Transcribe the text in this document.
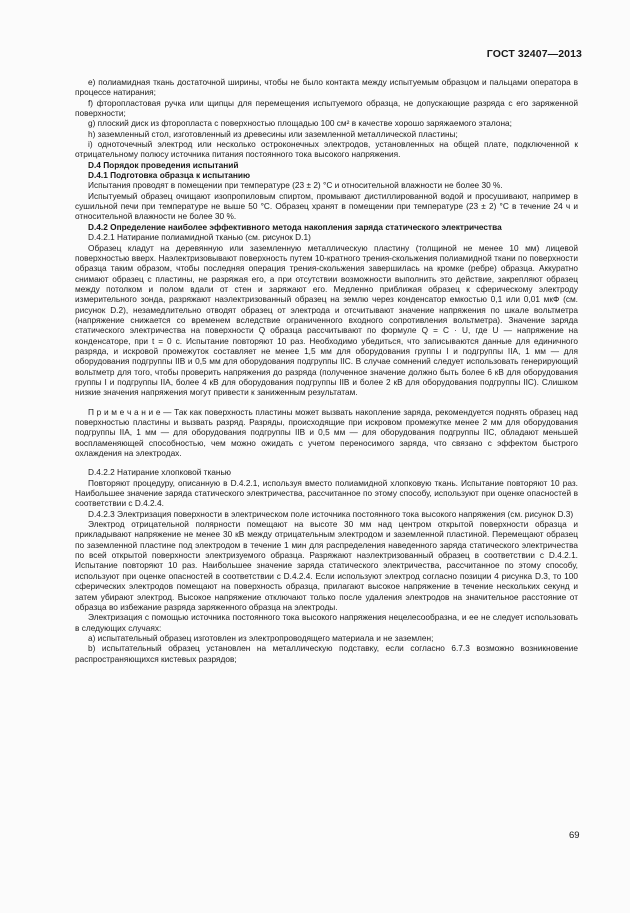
ГОСТ 32407—2013

е) полиамидная ткань достаточной ширины, чтобы не было контакта между испытуемым образцом и пальцами оператора в процессе натирания;

f) фторопластовая ручка или щипцы для перемещения испытуемого образца, не допускающие разряда с его заряженной поверхности;

g) плоский диск из фторопласта с поверхностью площадью 100 см² в качестве хорошо заряжаемого эталона;

h) заземленный стол, изготовленный из древесины или заземленной металлической пластины;

i) одноточечный электрод или несколько остроконечных электродов, установленных на общей плате, подключенной к отрицательному полюсу источника питания постоянного тока высокого напряжения.

D.4 Порядок проведения испытаний

D.4.1 Подготовка образца к испытанию

Испытания проводят в помещении при температуре (23 ± 2) °C и относительной влажности не более 30 %.

Испытуемый образец очищают изопропиловым спиртом, промывают дистиллированной водой и просушивают, например в сушильной печи при температуре не выше 50 °C. Образец хранят в помещении при температуре (23 ± 2) °C в течение 24 ч и относительной влажности не более 30 %.

D.4.2 Определение наиболее эффективного метода накопления заряда статического электричества

D.4.2.1 Натирание полиамидной тканью (см. рисунок D.1)

Образец кладут на деревянную или заземленную металлическую пластину (толщиной не менее 10 мм) лицевой поверхностью вверх. Наэлектризовывают поверхность путем 10-кратного трения-скольжения полиамидной ткани по поверхности образца таким образом, чтобы последняя операция трения-скольжения завершилась на кромке (ребре) образца. Аккуратно снимают образец с пластины, не разряжая его, а при отсутствии возможности выполнить это действие, закрепляют образец между потолком и полом вдали от стен и заряжают его. Медленно приближая образец к сферическому электроду измерительного зонда, разряжают наэлектризованный образец на землю через конденсатор емкостью 0,1 или 0,01 мкФ (см. рисунок D.2), незамедлительно отводят образец от электрода и отсчитывают значение напряжения по шкале вольтметра (напряжение снижается со временем вследствие ограниченного входного сопротивления вольтметра). Значение заряда статического электричества на поверхности Q образца рассчитывают по формуле Q = C · U, где U — напряжение на конденсаторе, при t = 0 с. Испытание повторяют 10 раз. Необходимо убедиться, что записываются данные для единичного разряда, и искровой промежуток составляет не менее 1,5 мм для оборудования группы I и подгруппы IIA, 1 мм — для оборудования подгруппы IIB и 0,5 мм для оборудования подгруппы IIC. В случае сомнений следует использовать генерирующий вольтметр для того, чтобы проверить напряжения до разряда (полученное значение должно быть более 6 кВ для оборудования группы I и подгруппы IIA, более 4 кВ для оборудования подгруппы IIB и более 2 кВ для оборудования подгруппы IIC). Слишком низкие значения напряжения могут привести к заниженным результатам.

П р и м е ч а н и е — Так как поверхность пластины может вызвать накопление заряда, рекомендуется поднять образец над поверхностью пластины и вызвать разряд. Разряды, происходящие при искровом промежутке менее 2 мм для оборудования подгруппы IIA, 1 мм — для оборудования подгруппы IIB и 0,5 мм — для оборудования подгруппы IIC, обладают меньшей воспламеняющей способностью, чем можно ожидать с учетом переносимого заряда, что связано с эффектом быстрого охлаждения на электродах.

D.4.2.2 Натирание хлопковой тканью

Повторяют процедуру, описанную в D.4.2.1, используя вместо полиамидной хлопковую ткань. Испытание повторяют 10 раз. Наибольшее значение заряда статического электричества, рассчитанное по этому способу, используют при оценке опасностей в соответствии с D.4.2.4.

D.4.2.3 Электризация поверхности в электрическом поле источника постоянного тока высокого напряжения (см. рисунок D.3)

Электрод отрицательной полярности помещают на высоте 30 мм над центром открытой поверхности образца и прикладывают напряжение не менее 30 кВ между отрицательным электродом и заземленной пластиной. Перемещают образец по заземленной пластине под электродом в течение 1 мин для распределения наведенного заряда статического электричества по всей открытой поверхности электризуемого образца. Разряжают наэлектризованный образец в соответствии с D.4.2.1. Испытание повторяют 10 раз. Наибольшее значение заряда статического электричества, рассчитанное по этому способу, используют при оценке опасностей в соответствии с D.4.2.4. Если используют электрод согласно позиции 4 рисунка D.3, то 100 сферических электродов помещают на поверхность образца, прилагают высокое напряжение в течение нескольких секунд и затем убирают электрод. Высокое напряжение отключают только после удаления электродов на значительное расстояние от образца во избежание разряда заряженного образца на электроды.

Электризация с помощью источника постоянного тока высокого напряжения нецелесообразна, и ее не следует использовать в следующих случаях:

а) испытательный образец изготовлен из электропроводящего материала и не заземлен;

b) испытательный образец установлен на металлическую подставку, если согласно 6.7.3 возможно возникновение распространяющихся кистевых разрядов;

69
